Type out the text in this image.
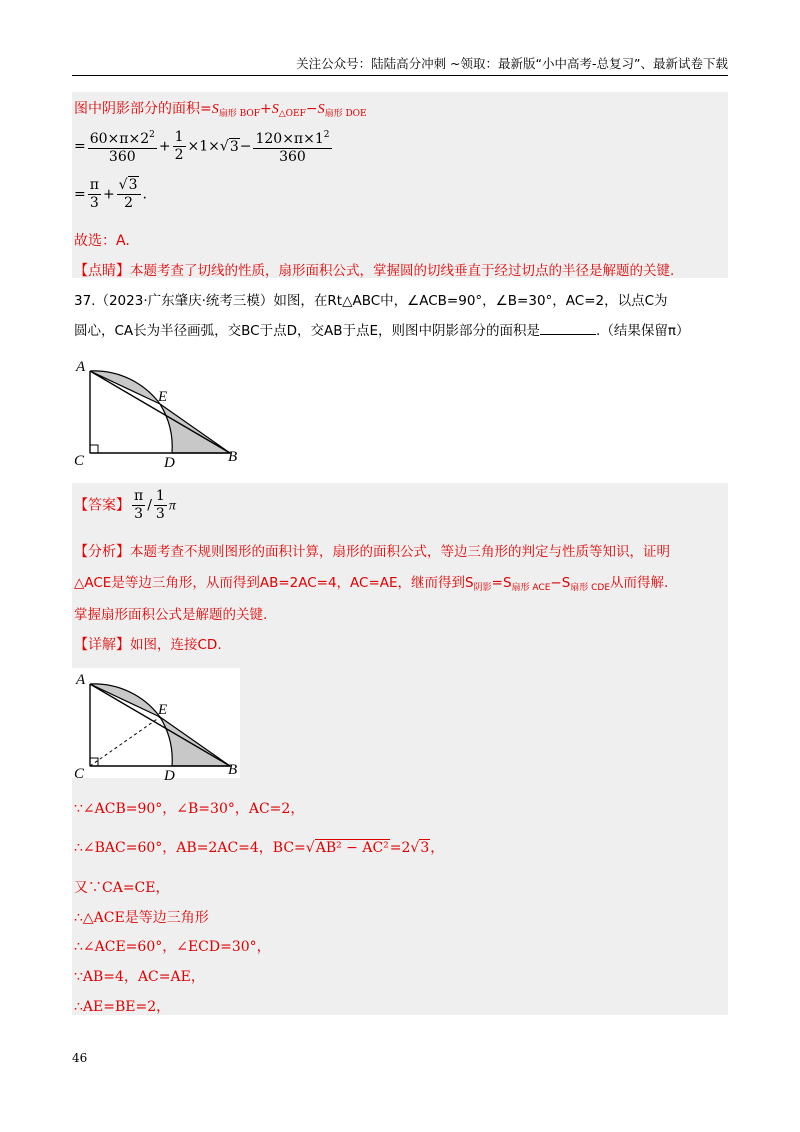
关注公众号：陆陆高分冲刺 ~领取：最新版“小中高考-总复习”、最新试卷下载
图中阴影部分的面积$=S_{扇形 BOF}+S_{\triangle OEF}-S_{扇形 DOE}$
= $\frac{60\times\pi\times 2^2}{360} + \frac{1}{2} \times 1\times√3- \frac{120\times\pi\times 1^2}{360}$
= $\frac{\pi}{3} + \frac{√3}{2}$ .
故选：A.
【点睛】本题考查了切线的性质，扇形面积公式，掌握圆的切线垂直于经过切点的半径是解题的关键.
37.（2023·广东肇庆·统考三模）如图，在Rt△ABC中，∠ACB=90°，∠B=30°，AC=2，以点C为
圆心，CA长为半径画弧，交BC于点D，交AB于点E，则图中阴影部分的面积是	.（结果保留π）
A
E
C	D	B
【答案】 $\frac{\pi}{3} / \frac{1}{3}$ π
【分析】本题考查不规则图形的面积计算，扇形的面积公式，等边三角形的判定与性质等知识，证明
△ACE是等边三角形，从而得到AB=2AC=4，AC=AE，继而得到$S_{阴影}=S_{扇形 ACE}-S_{扇形 CDE}$从而得解.
掌握扇形面积公式是解题的关键.
【详解】如图，连接CD.
A
E
C	D	B
∵∠ACB=90°，∠B=30°，AC=2，
∴∠BAC=60°，AB=2AC=4，BC=√AB² − AC²=2√3，
又∵CA=CE，
∴△ACE是等边三角形
∴∠ACE=60°，∠ECD=30°，
∵AB=4，AC=AE，
∴AE=BE=2，
46
